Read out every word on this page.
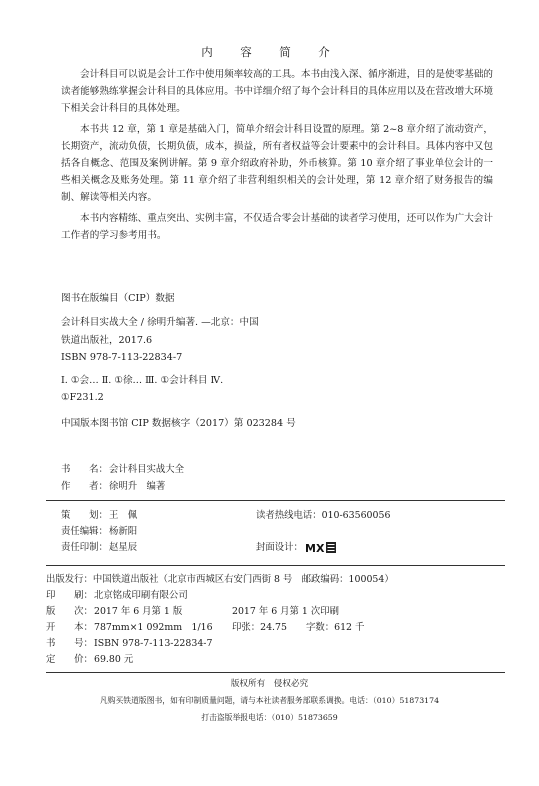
内　容　简　介
会计科目可以说是会计工作中使用频率较高的工具。本书由浅入深、循序渐进，目的是使零基础的读者能够熟练掌握会计科目的具体应用。书中详细介绍了每个会计科目的具体应用以及在营改增大环境下相关会计科目的具体处理。
本书共 12 章，第 1 章是基础入门，简单介绍会计科目设置的原理。第 2~8 章介绍了流动资产，长期资产，流动负债，长期负债，成本，损益，所有者权益等会计要素中的会计科目。具体内容中又包括各自概念、范围及案例讲解。第 9 章介绍政府补助，外币核算。第 10 章介绍了事业单位会计的一些相关概念及账务处理。第 11 章介绍了非营利组织相关的会计处理，第 12 章介绍了财务报告的编制、解读等相关内容。
本书内容精练、重点突出、实例丰富，不仅适合零会计基础的读者学习使用，还可以作为广大会计工作者的学习参考用书。
图书在版编目（CIP）数据
会计科目实战大全 / 徐明升编著. —北京：中国
铁道出版社，2017.6
ISBN 978-7-113-22834-7
Ⅰ. ①会… Ⅱ. ①徐… Ⅲ. ①会计科目 Ⅳ.
①F231.2
中国版本图书馆 CIP 数据核字（2017）第 023284 号
书　　名：会计科目实战大全
作　　者：徐明升　编著
策　　划：王　佩	读者热线电话：010-63560056
责任编辑：杨新阳
责任印制：赵星辰	封面设计： MX
出版发行：中国铁道出版社（北京市西城区右安门西街 8 号　邮政编码：100054）
印　　刷：北京铭成印刷有限公司
版　　次：2017 年 6 月第 1 版	2017 年 6 月第 1 次印刷
开　　本：787mm×1 092mm　1/16 印张：24.75 字数：612 千
书　　号：ISBN 978-7-113-22834-7
定　　价：69.80 元
版权所有　侵权必究
凡购买铁道版图书，如有印制质量问题，请与本社读者服务部联系调换。电话：（010）51873174
打击盗版举报电话：（010）51873659
